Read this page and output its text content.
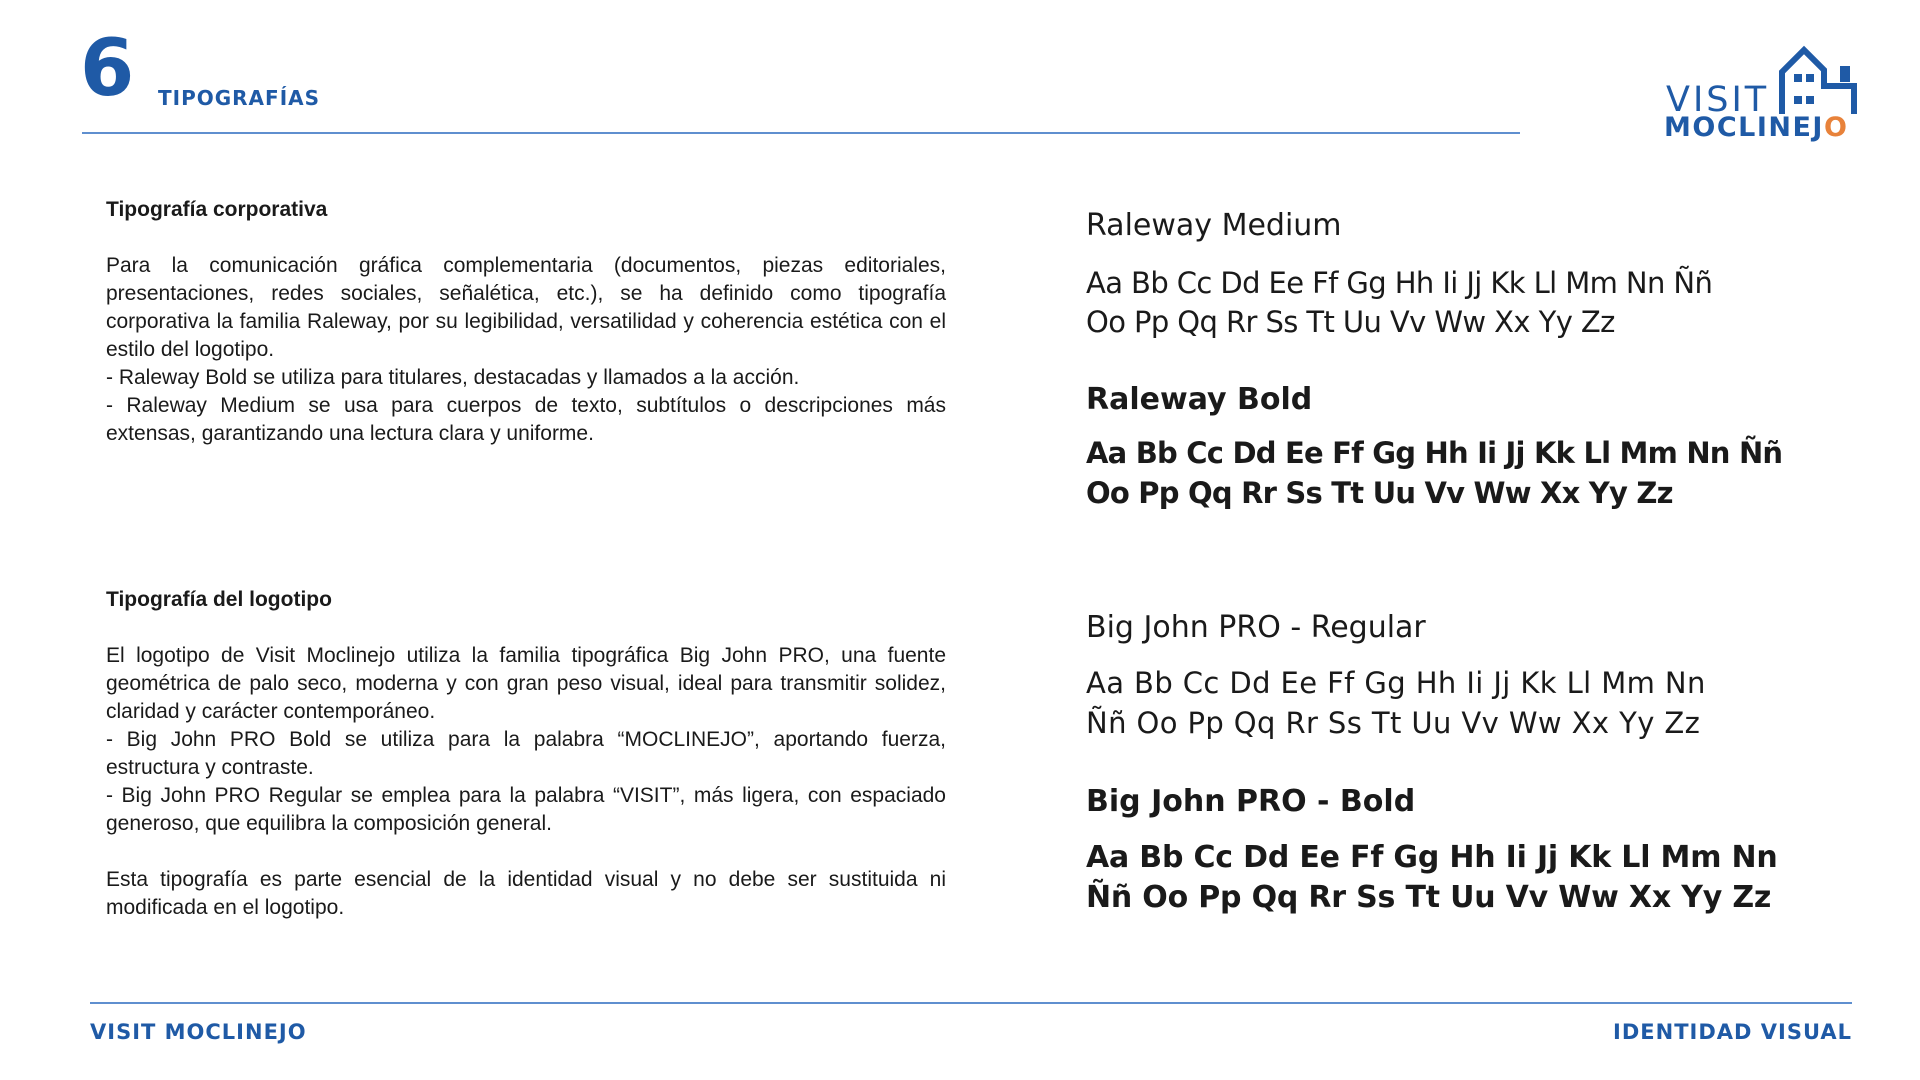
6 TIPOGRAFÍAS	VISIT
MOCLINEJO

Tipografía corporativa

Para la comunicación gráfica complementaria (documentos, piezas editoriales, presentaciones, redes sociales, señalética, etc.), se ha definido como tipografía corporativa la familia Raleway, por su legibilidad, versatilidad y coherencia estética con el estilo del logotipo.

- Raleway Bold se utiliza para titulares, destacadas y llamados a la acción.

- Raleway Medium se usa para cuerpos de texto, subtítulos o descripciones más extensas, garantizando una lectura clara y uniforme.

Tipografía del logotipo

El logotipo de Visit Moclinejo utiliza la familia tipográfica Big John PRO, una fuente geométrica de palo seco, moderna y con gran peso visual, ideal para transmitir solidez, claridad y carácter contemporáneo.

- Big John PRO Bold se utiliza para la palabra “MOCLINEJO”, aportando fuerza, estructura y contraste.

- Big John PRO Regular se emplea para la palabra “VISIT”, más ligera, con espaciado generoso, que equilibra la composición general.

Esta tipografía es parte esencial de la identidad visual y no debe ser sustituida ni modificada en el logotipo.

Raleway Medium
Aa Bb Cc Dd Ee Ff Gg Hh Ii Jj Kk Ll Mm Nn Ññ
Oo Pp Qq Rr Ss Tt Uu Vv Ww Xx Yy Zz
Raleway Bold
Aa Bb Cc Dd Ee Ff Gg Hh Ii Jj Kk Ll Mm Nn Ññ
Oo Pp Qq Rr Ss Tt Uu Vv Ww Xx Yy Zz
Big John PRO - Regular
Aa Bb Cc Dd Ee Ff Gg Hh Ii Jj Kk Ll Mm Nn
Ññ Oo Pp Qq Rr Ss Tt Uu Vv Ww Xx Yy Zz
Big John PRO - Bold
Aa Bb Cc Dd Ee Ff Gg Hh Ii Jj Kk Ll Mm Nn
Ññ Oo Pp Qq Rr Ss Tt Uu Vv Ww Xx Yy Zz
VISIT MOCLINEJO	IDENTIDAD VISUAL
